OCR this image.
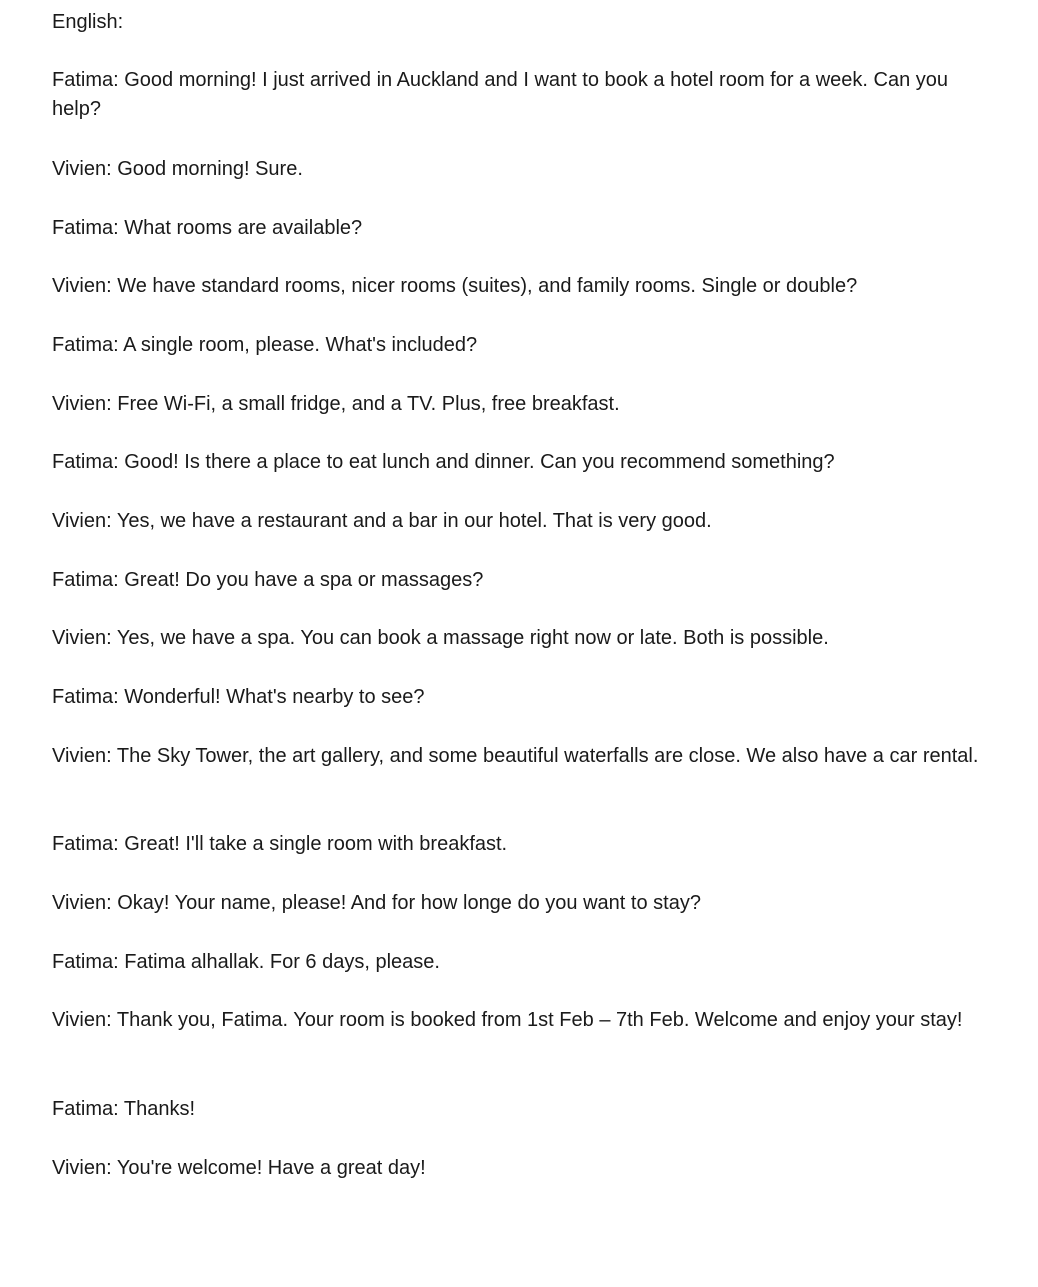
English:

Fatima: Good morning! I just arrived in Auckland and I want to book a hotel room for a week. Can you help?

Vivien: Good morning! Sure.

Fatima: What rooms are available?

Vivien: We have standard rooms, nicer rooms (suites), and family rooms. Single or double?

Fatima: A single room, please. What's included?

Vivien: Free Wi-Fi, a small fridge, and a TV. Plus, free breakfast.

Fatima: Good! Is there a place to eat lunch and dinner. Can you recommend something?

Vivien: Yes, we have a restaurant and a bar in our hotel. That is very good.

Fatima: Great! Do you have a spa or massages?

Vivien: Yes, we have a spa. You can book a massage right now or late. Both is possible.

Fatima: Wonderful! What's nearby to see?

Vivien: The Sky Tower, the art gallery, and some beautiful waterfalls are close. We also have a car rental.

Fatima: Great! I'll take a single room with breakfast.

Vivien: Okay! Your name, please! And for how longe do you want to stay?

Fatima: Fatima alhallak. For 6 days, please.

Vivien: Thank you, Fatima. Your room is booked from 1st Feb – 7th Feb. Welcome and enjoy your stay!

Fatima: Thanks!

Vivien: You're welcome! Have a great day!
